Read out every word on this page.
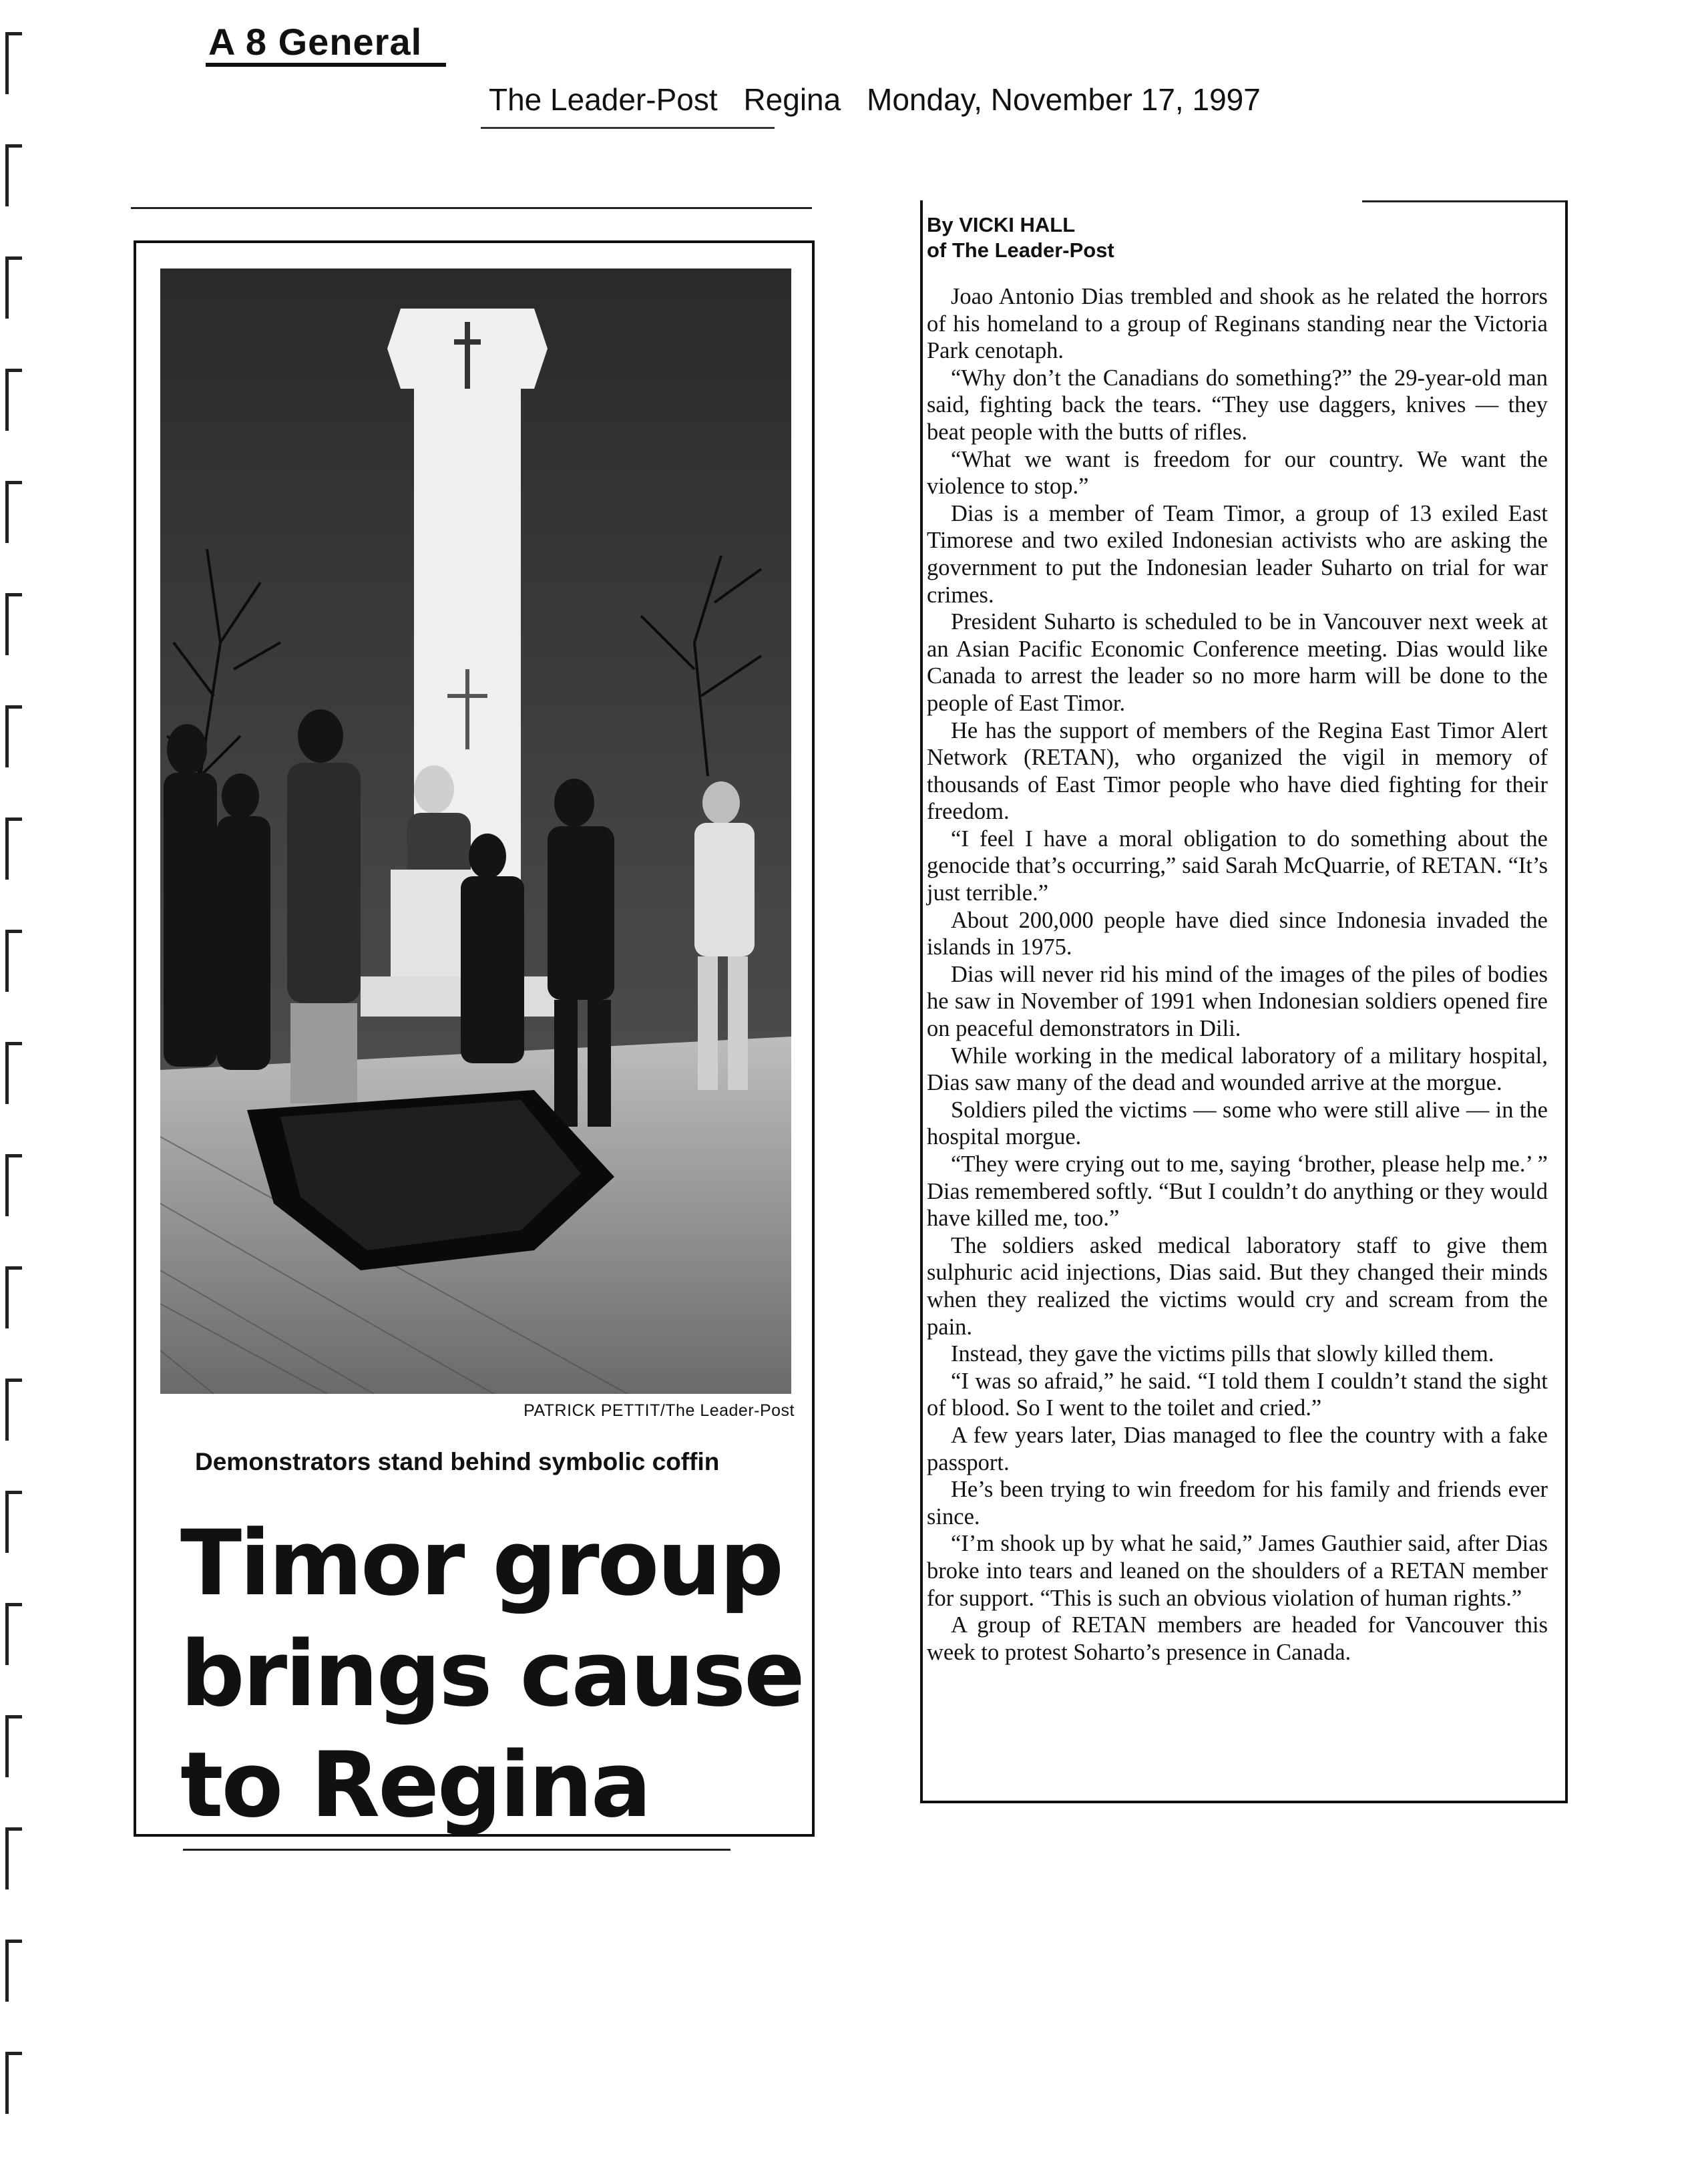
A 8 General
The Leader-Post Regina Monday, November 17, 1997
PATRICK PETTIT/The Leader-Post
Demonstrators stand behind symbolic coffin
Timor group
brings cause
to Regina
By VICKI HALL
of The Leader-Post

Joao Antonio Dias trembled and shook as he related the horrors of his homeland to a group of Reginans standing near the Victoria Park cenotaph.

“Why don’t the Canadians do something?” the 29-year-old man said, fighting back the tears. “They use daggers, knives — they beat people with the butts of rifles.

“What we want is freedom for our country. We want the violence to stop.”

Dias is a member of Team Timor, a group of 13 exiled East Timorese and two exiled Indonesian activists who are asking the government to put the Indonesian leader Suharto on trial for war crimes.

President Suharto is scheduled to be in Vancouver next week at an Asian Pacific Economic Conference meeting. Dias would like Canada to arrest the leader so no more harm will be done to the people of East Timor.

He has the support of members of the Regina East Timor Alert Network (RETAN), who organized the vigil in memory of thousands of East Timor people who have died fighting for their freedom.

“I feel I have a moral obligation to do something about the genocide that’s occurring,” said Sarah McQuarrie, of RETAN. “It’s just terrible.”

About 200,000 people have died since Indonesia invaded the islands in 1975.

Dias will never rid his mind of the images of the piles of bodies he saw in November of 1991 when Indonesian soldiers opened fire on peaceful demonstrators in Dili.

While working in the medical laboratory of a military hospital, Dias saw many of the dead and wounded arrive at the morgue.

Soldiers piled the victims — some who were still alive — in the hospital morgue.

“They were crying out to me, saying ‘brother, please help me.’ ” Dias remembered softly. “But I couldn’t do anything or they would have killed me, too.”

The soldiers asked medical laboratory staff to give them sulphuric acid injections, Dias said. But they changed their minds when they realized the victims would cry and scream from the pain.

Instead, they gave the victims pills that slowly killed them.

“I was so afraid,” he said. “I told them I couldn’t stand the sight of blood. So I went to the toilet and cried.”

A few years later, Dias managed to flee the country with a fake passport.

He’s been trying to win freedom for his family and friends ever since.

“I’m shook up by what he said,” James Gauthier said, after Dias broke into tears and leaned on the shoulders of a RETAN member for support. “This is such an obvious violation of human rights.”

A group of RETAN members are headed for Vancouver this week to protest Soharto’s presence in Canada.
